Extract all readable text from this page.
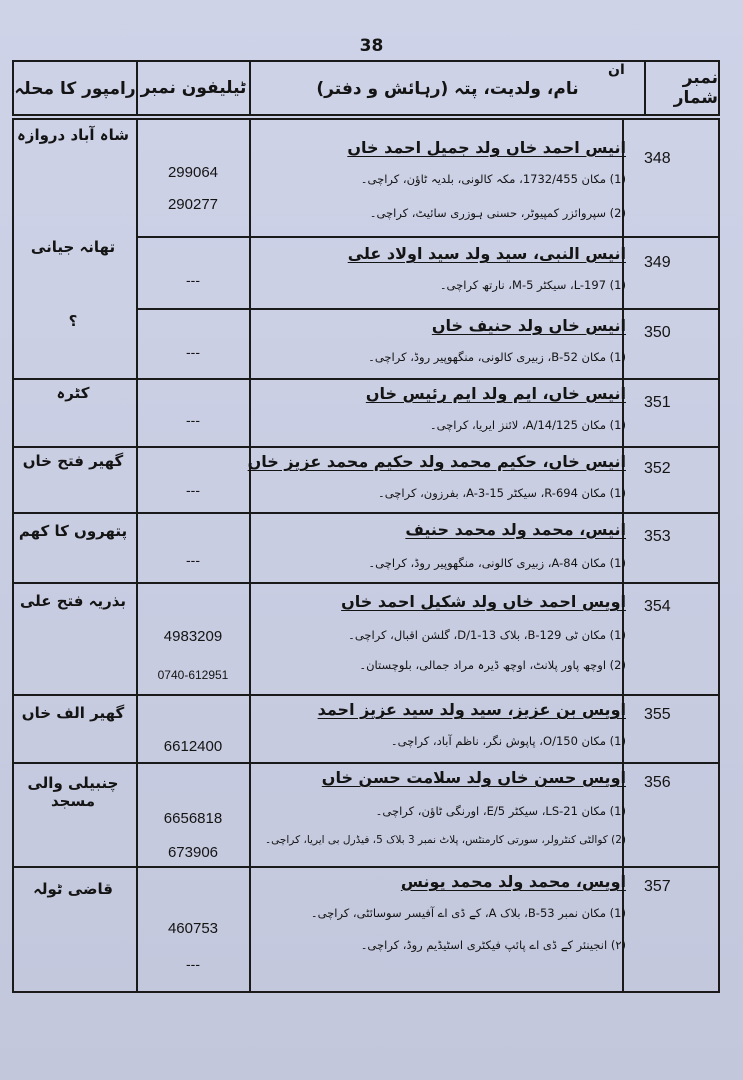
38
ان	نمبر شمار
نام، ولدیت، پتہ (رہائش و دفتر)
ٹیلیفون نمبر
رامپور کا محلہ
348
انیس احمد خاں ولد جمیل احمد خاں
(1) مکان 1732/455، مکہ کالونی، بلدیہ ٹاؤن، کراچی۔
(2) سپروائزر کمپیوٹر، حسنی ہوزری سائیٹ، کراچی۔
299064
290277
شاہ آباد دروازہ
349
انیس النبی، سید ولد سید اولاد علی
(1) L-197، سیکٹر M-5، نارتھ کراچی۔
---
تھانہ جیانی
350
انیس خاں ولد حنیف خاں
(1) مکان B-52، زبیری کالونی، منگھوپیر روڈ، کراچی۔
---
؟
351
انیس خاں، ایم ولد ایم رئیس خاں
(1) مکان A/14/125، لائنز ایریا، کراچی۔
---
کٹرہ
352
انیس خاں، حکیم محمد ولد حکیم محمد عزیز خاں
(1) مکان R-694، سیکٹر 15-A-3، بفرزون، کراچی۔
---
گھیر فتح خاں
353
انیس، محمد ولد محمد حنیف
(1) مکان A-84، زبیری کالونی، منگھوپیر روڈ، کراچی۔
---
پتھروں کا کھم
354
اویس احمد خاں ولد شکیل احمد خاں
(1) مکان ٹی B-129، بلاک 13-D/1، گلشن اقبال، کراچی۔
(2) اوچھ پاور پلانٹ، اوچھ ڈیرہ مراد جمالی، بلوچستان۔
4983209
0740-612951
بذریہ فتح علی
355
اویس بن عزیز، سید ولد سید عزیز احمد
(1) مکان 150/O، پاپوش نگر، ناظم آباد، کراچی۔
6612400
گھیر الف خاں
356
اویس حسن خاں ولد سلامت حسن خاں
(1) مکان LS-21، سیکٹر 5/E، اورنگی ٹاؤن، کراچی۔
(2) کوالٹی کنٹرولر، سورتی کارمنٹس، پلاٹ نمبر 3 بلاک 5، فیڈرل بی ایریا، کراچی۔
6656818
673906
چنبیلی والی مسجد
357
اویس، محمد ولد محمد یونس
(1) مکان نمبر B-53، بلاک A، کے ڈی اے آفیسر سوسائٹی، کراچی۔
(۲) انجینئر کے ڈی اے پائپ فیکٹری اسٹیڈیم روڈ، کراچی۔
460753
---
قاضی ٹولہ
